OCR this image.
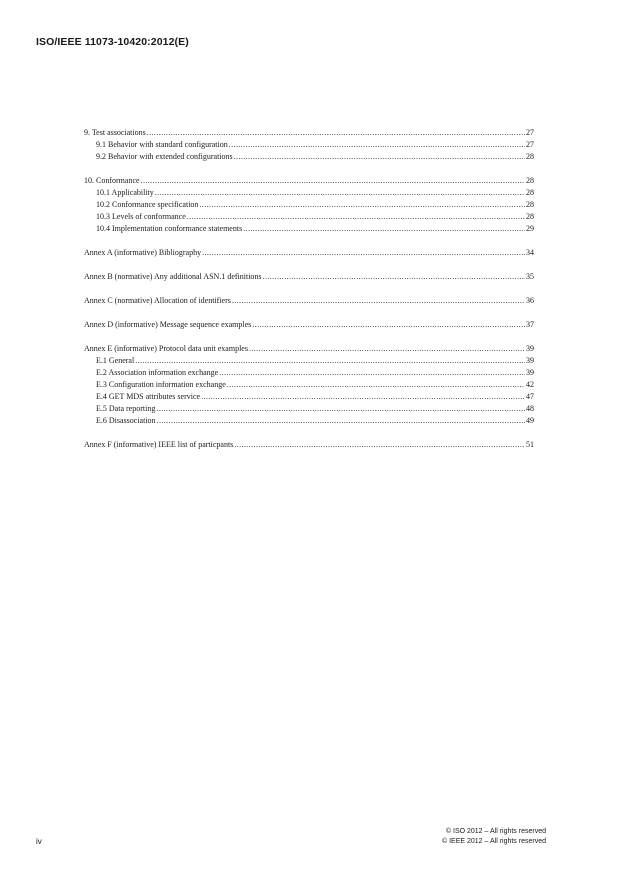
ISO/IEEE 11073-10420:2012(E)
9. Test associations .....	27
9.1 Behavior with standard configuration .....	27
9.2 Behavior with extended configurations .....	28
10. Conformance .....	28
10.1 Applicability .....	28
10.2 Conformance specification .....	28
10.3 Levels of conformance .....	28
10.4 Implementation conformance statements .....	29
Annex A (informative) Bibliography .....	34
Annex B (normative) Any additional ASN.1 definitions .....	35
Annex C (normative) Allocation of identifiers .....	36
Annex D (informative) Message sequence examples .....	37
Annex E (informative) Protocol data unit examples .....	39
E.1 General .....	39
E.2 Association information exchange .....	39
E.3 Configuration information exchange .....	42
E.4 GET MDS attributes service .....	47
E.5 Data reporting .....	48
E.6 Disassociation .....	49
Annex F (informative) IEEE list of particpants .....	51
iv
© ISO 2012 – All rights reserved
© IEEE 2012 – All rights reserved
